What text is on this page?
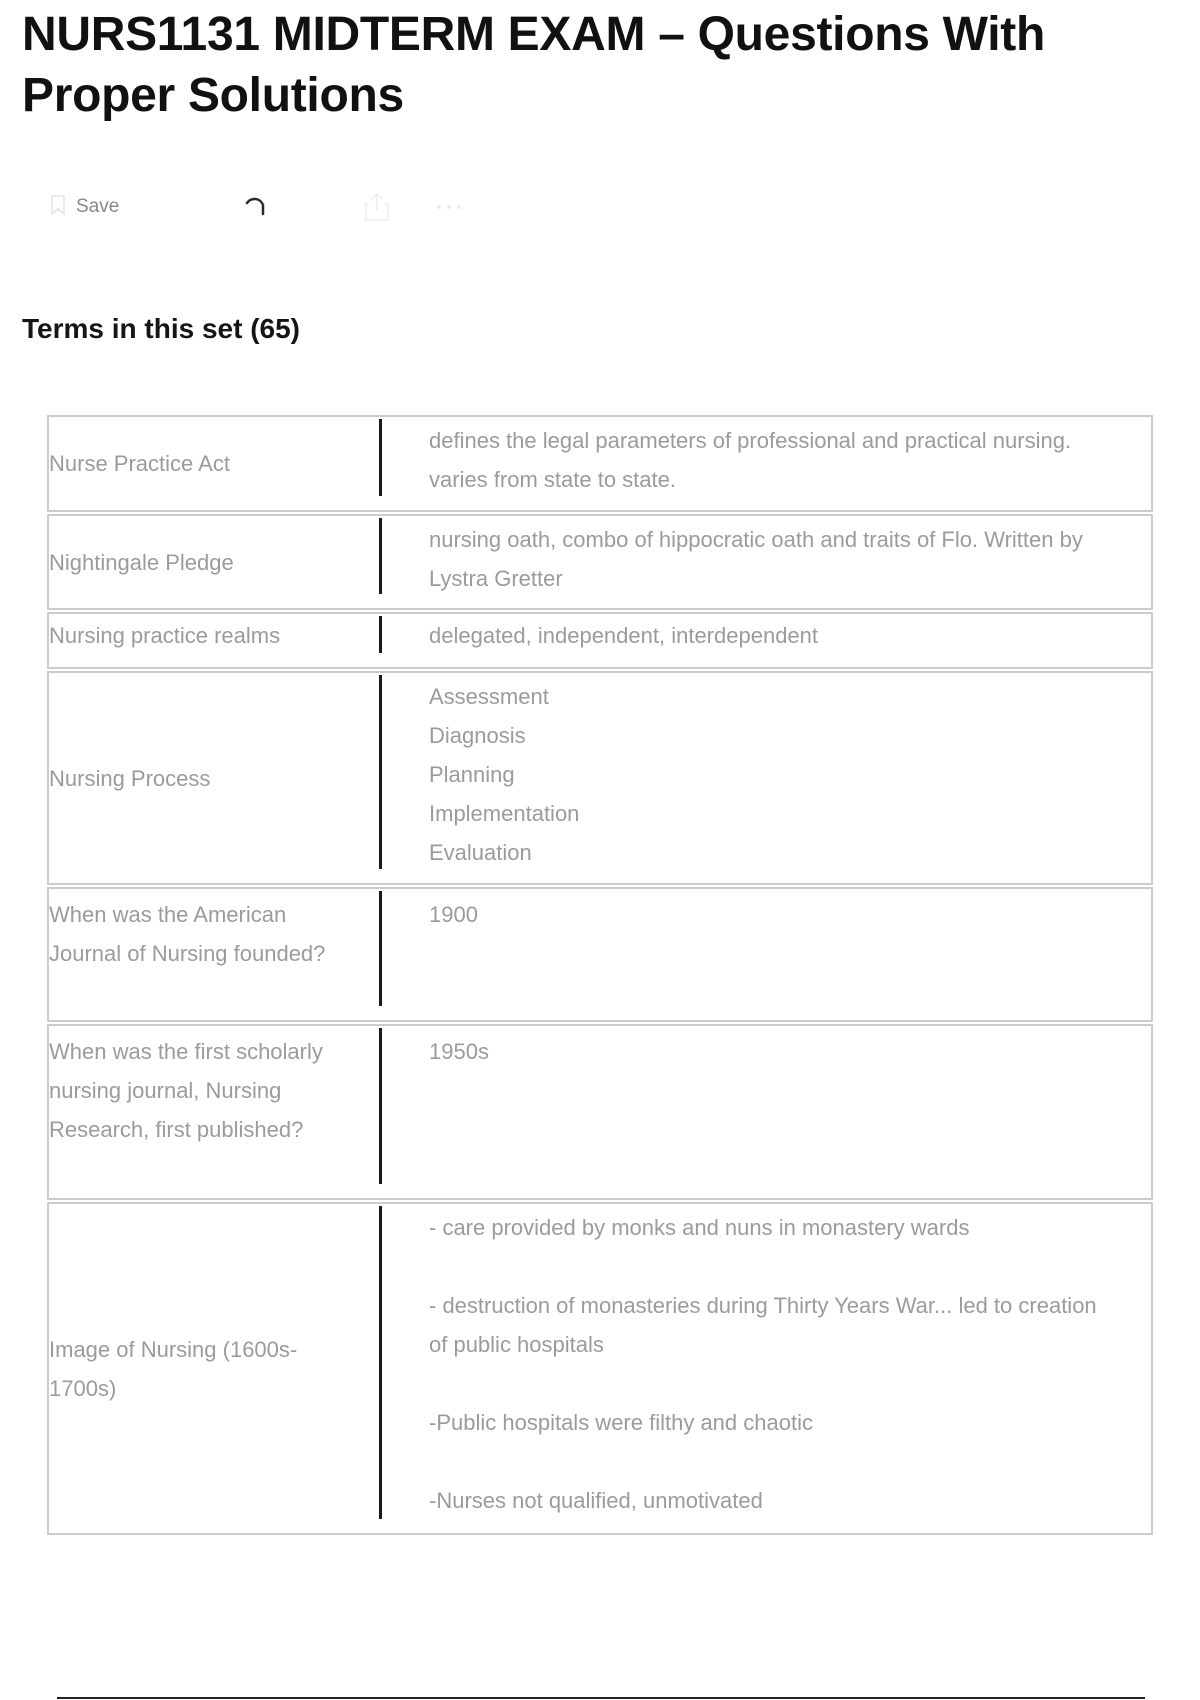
NURS1131 MIDTERM EXAM – Questions With Proper Solutions
Save
Terms in this set (65)
Nurse Practice Act
defines the legal parameters of professional and practical nursing. varies from state to state.
Nightingale Pledge
nursing oath, combo of hippocratic oath and traits of Flo. Written by Lystra Gretter
Nursing practice realms	delegated, independent, interdependent
Nursing Process
Assessment
Diagnosis
Planning
Implementation
Evaluation
When was the American Journal of Nursing founded?
1900
When was the first scholarly nursing journal, Nursing Research, first published?
1950s
Image of Nursing (1600s-1700s)
- care provided by monks and nuns in monastery wards

- destruction of monasteries during Thirty Years War... led to creation of public hospitals

-Public hospitals were filthy and chaotic

-Nurses not qualified, unmotivated
